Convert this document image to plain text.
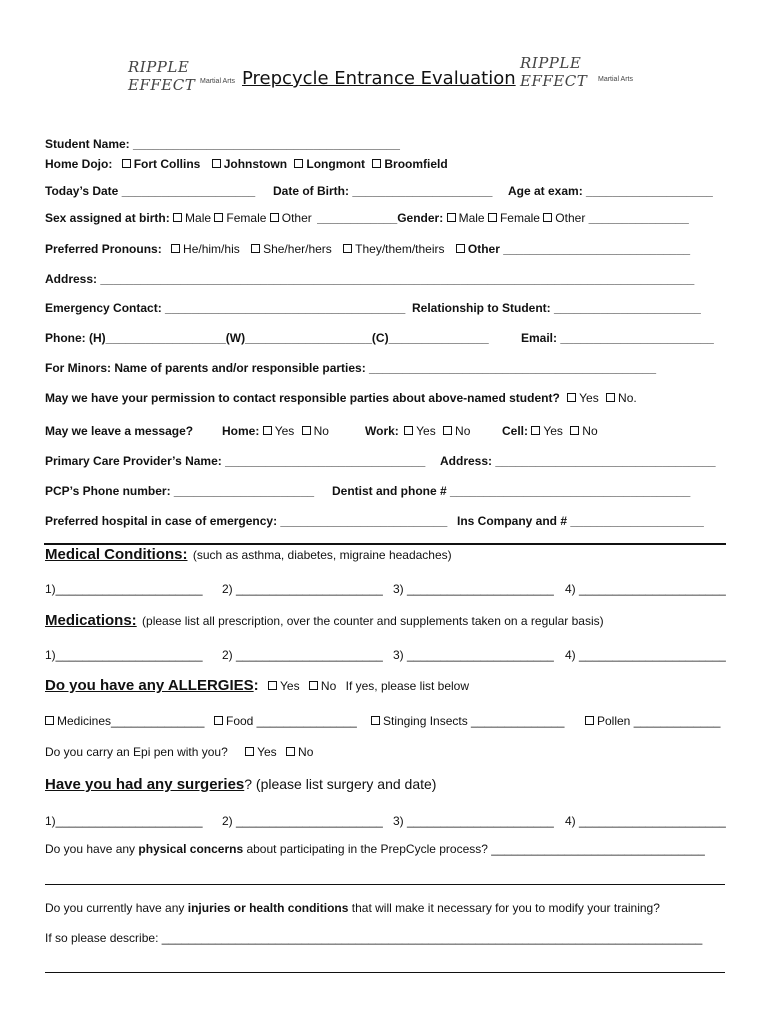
RIPPLE EFFECT Martial Arts
RIPPLE EFFECT	Martial Arts
Prepcycle Entrance Evaluation
Student Name: ________________________________________
Home Dojo: Fort Collins Johnstown Longmont Broomfield
Today’s Date ____________________ Date of Birth: _____________________ Age at exam: ___________________
Sex assigned at birth: Male Female Other ____________Gender: Male Female Other _______________
Preferred Pronouns: He/him/his She/her/hers They/them/theirs Other ____________________________
Address: _________________________________________________________________________________________
Emergency Contact: ____________________________________ Relationship to Student: ______________________
Phone: (H)__________________(W)___________________(C)_______________	Email: _______________________
For Minors: Name of parents and/or responsible parties: ___________________________________________
May we have your permission to contact responsible parties about above-named student? Yes No.
May we leave a message? Home: Yes No	Work: Yes No	Cell: Yes No
Primary Care Provider’s Name: ______________________________ Address: _________________________________
PCP’s Phone number: _____________________ Dentist and phone # ____________________________________
Preferred hospital in case of emergency: _________________________ Ins Company and # ____________________
Medical Conditions: (such as asthma, diabetes, migraine headaches)
1)______________________ 2) ______________________ 3) ______________________ 4) ______________________
Medications: (please list all prescription, over the counter and supplements taken on a regular basis)
1)______________________ 2) ______________________ 3) ______________________ 4) ______________________
Do you have any ALLERGIES: Yes No If yes, please list below
Medicines______________	Food _______________	Stinging Insects ______________	Pollen _____________
Do you carry an Epi pen with you? Yes No
Have you had any surgeries? (please list surgery and date)
1)______________________ 2) ______________________ 3) ______________________ 4) ______________________
Do you have any physical concerns about participating in the PrepCycle process? ________________________________
Do you currently have any injuries or health conditions that will make it necessary for you to modify your training?
If so please describe: _________________________________________________________________________________
